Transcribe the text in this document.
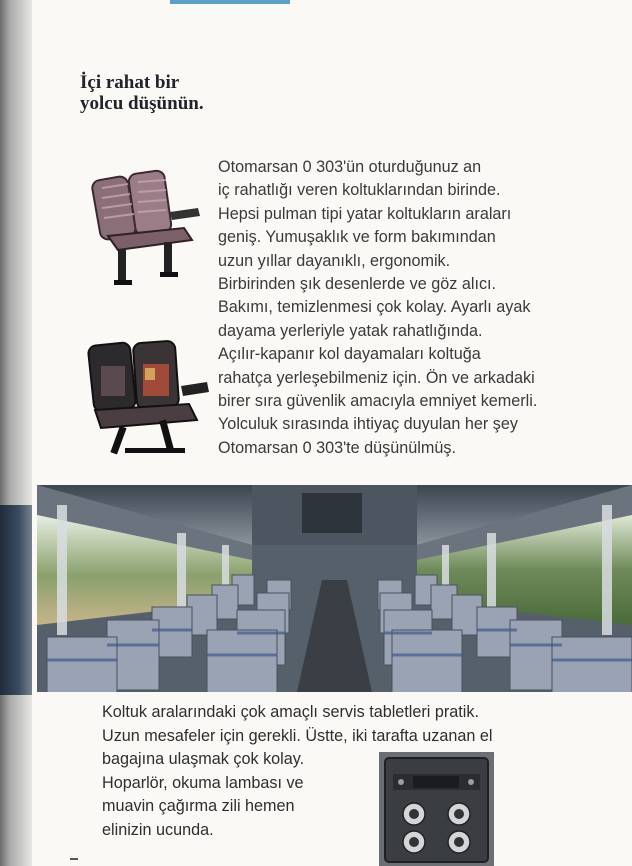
İçi rahat bir
yolcu düşünün.
Otomarsan 0 303'ün oturduğunuz an
iç rahatlığı veren koltuklarından birinde.
Hepsi pulman tipi yatar koltukların araları
geniş. Yumuşaklık ve form bakımından
uzun yıllar dayanıklı, ergonomik.
Birbirinden şık desenlerde ve göz alıcı.
Bakımı, temizlenmesi çok kolay. Ayarlı ayak
dayama yerleriyle yatak rahatlığında.
Açılır-kapanır kol dayamaları koltuğa
rahatça yerleşebilmeniz için. Ön ve arkadaki
birer sıra güvenlik amacıyla emniyet kemerli.
Yolculuk sırasında ihtiyaç duyulan her şey
Otomarsan 0 303'te düşünülmüş.
Koltuk aralarındaki çok amaçlı servis tabletleri pratik.
Uzun mesafeler için gerekli. Üstte, iki tarafta uzanan el
bagajına ulaşmak çok kolay.
Hoparlör, okuma lambası ve
muavin çağırma zili hemen
elinizin ucunda.
